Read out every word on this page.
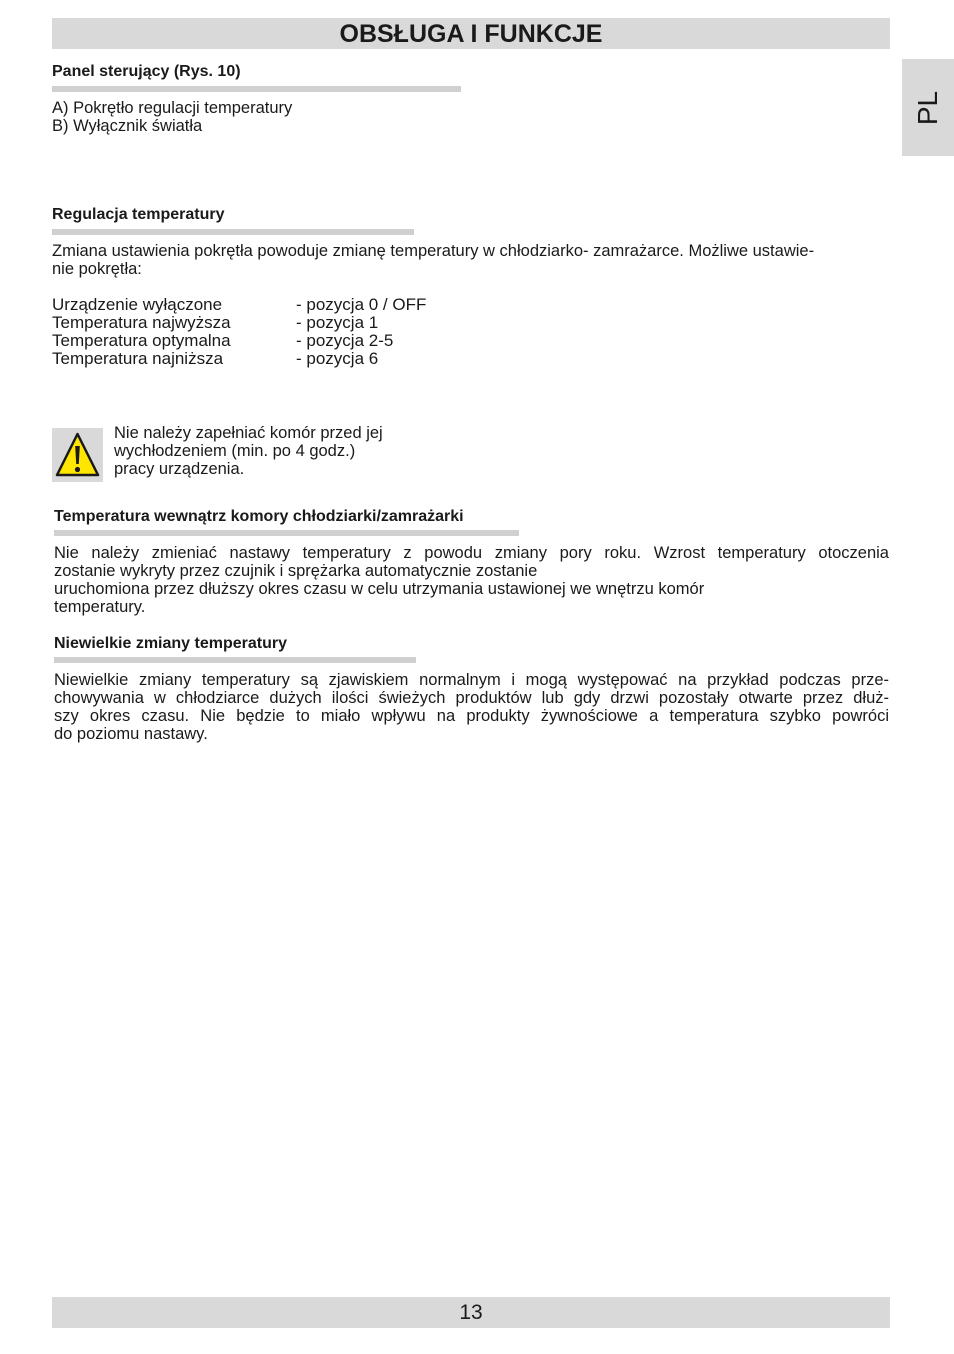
OBSŁUGA I FUNKCJE
PL
Panel sterujący (Rys. 10)
A) Pokrętło regulacji temperatury
B) Wyłącznik światła
Regulacja temperatury
Zmiana ustawienia pokrętła powoduje zmianę temperatury w chłodziarko- zamrażarce. Możliwe ustawie-
nie pokrętła:
Urządzenie wyłączone	- pozycja 0 / OFF
Temperatura najwyższa	- pozycja 1
Temperatura optymalna	- pozycja 2-5
Temperatura najniższa	- pozycja 6
Nie należy zapełniać komór przed jej
wychłodzeniem (min. po 4 godz.)
pracy urządzenia.
Temperatura wewnątrz komory chłodziarki/zamrażarki
Nie należy zmieniać nastawy temperatury z powodu zmiany pory roku. Wzrost temperatury otoczenia
zostanie wykryty przez czujnik i sprężarka automatycznie zostanie
uruchomiona przez dłuższy okres czasu w celu utrzymania ustawionej we wnętrzu komór
temperatury.
Niewielkie zmiany temperatury
Niewielkie zmiany temperatury są zjawiskiem normalnym i mogą występować na przykład podczas prze-
chowywania w chłodziarce dużych ilości świeżych produktów lub gdy drzwi pozostały otwarte przez dłuż-
szy okres czasu. Nie będzie to miało wpływu na produkty żywnościowe a temperatura szybko powróci
do poziomu nastawy.
13
